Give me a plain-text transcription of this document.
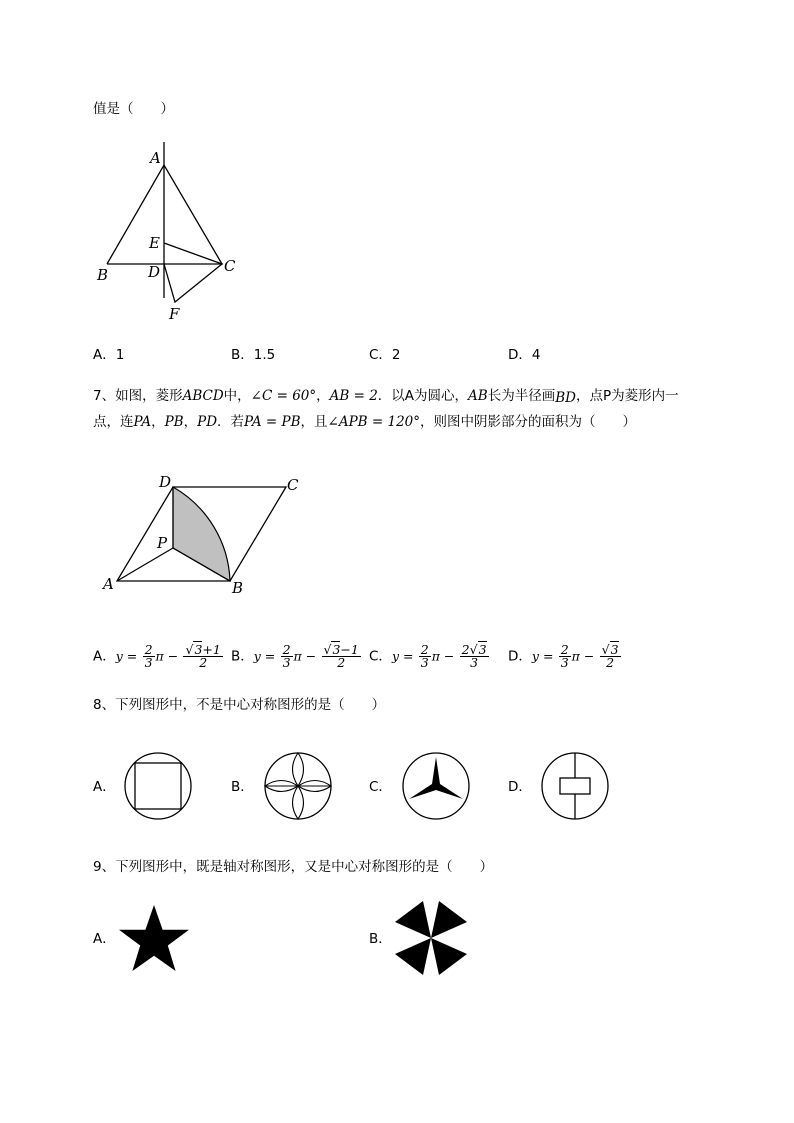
值是（　　）
A
E
B	D	C
F
A．1	B．1.5	C．2	D．4
7、如图，菱形ABCD中，∠C = 60°，AB = 2．以A为圆心，AB长为半径画BD，点P为菱形内一
点，连PA，PB，PD．若PA = PB，且∠APB = 120°，则图中阴影部分的面积为（　　）
D	C
P
A	B
A．$y = \frac{2}{3}$ $\pi - \frac{√3+1}{2}$ B．$y = \frac{2}{3}$ $\pi - \frac{√3-1}{2}$ C．$y = \frac{2}{3}$ $\pi - \frac{2√3}{3}$ D．$y = \frac{2}{3}$ $\pi - \frac{√3}{2}$
8、下列图形中，不是中心对称图形的是（　　）
A．	B．	C．	D．
9、下列图形中，既是轴对称图形，又是中心对称图形的是（　　）
A．	B．
